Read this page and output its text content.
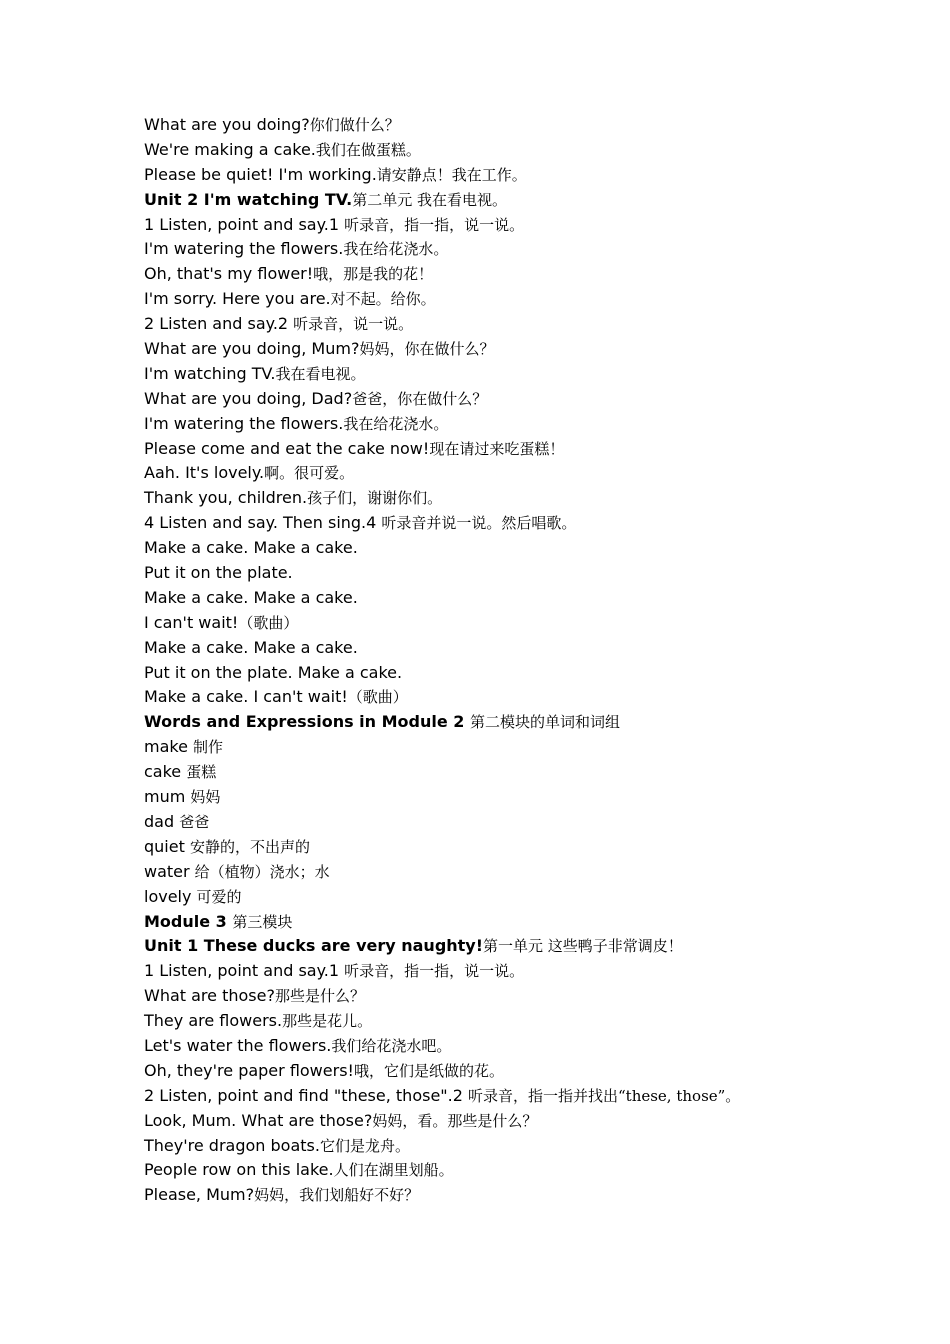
What are you doing?你们做什么？
We're making a cake.我们在做蛋糕。
Please be quiet! I'm working.请安静点！我在工作。
Unit 2 I'm watching TV.第二单元 我在看电视。
1 Listen, point and say.1 听录音，指一指，说一说。
I'm watering the flowers.我在给花浇水。
Oh, that's my flower!哦，那是我的花！
I'm sorry. Here you are.对不起。给你。
2 Listen and say.2 听录音，说一说。
What are you doing, Mum?妈妈，你在做什么？
I'm watching TV.我在看电视。
What are you doing, Dad?爸爸，你在做什么？
I'm watering the flowers.我在给花浇水。
Please come and eat the cake now!现在请过来吃蛋糕！
Aah. It's lovely.啊。很可爱。
Thank you, children.孩子们，谢谢你们。
4 Listen and say. Then sing.4 听录音并说一说。然后唱歌。
Make a cake. Make a cake.
Put it on the plate.
Make a cake. Make a cake.
I can't wait!（歌曲）
Make a cake. Make a cake.
Put it on the plate. Make a cake.
Make a cake. I can't wait!（歌曲）
Words and Expressions in Module 2 第二模块的单词和词组
make 制作
cake 蛋糕
mum 妈妈
dad 爸爸
quiet 安静的，不出声的
water 给（植物）浇水；水
lovely 可爱的
Module 3 第三模块
Unit 1 These ducks are very naughty!第一单元 这些鸭子非常调皮！
1 Listen, point and say.1 听录音，指一指，说一说。
What are those?那些是什么？
They are flowers.那些是花儿。
Let's water the flowers.我们给花浇水吧。
Oh, they're paper flowers!哦，它们是纸做的花。
2 Listen, point and find "these, those".2 听录音，指一指并找出“these, those”。
Look, Mum. What are those?妈妈，看。那些是什么？
They're dragon boats.它们是龙舟。
People row on this lake.人们在湖里划船。
Please, Mum?妈妈，我们划船好不好？
